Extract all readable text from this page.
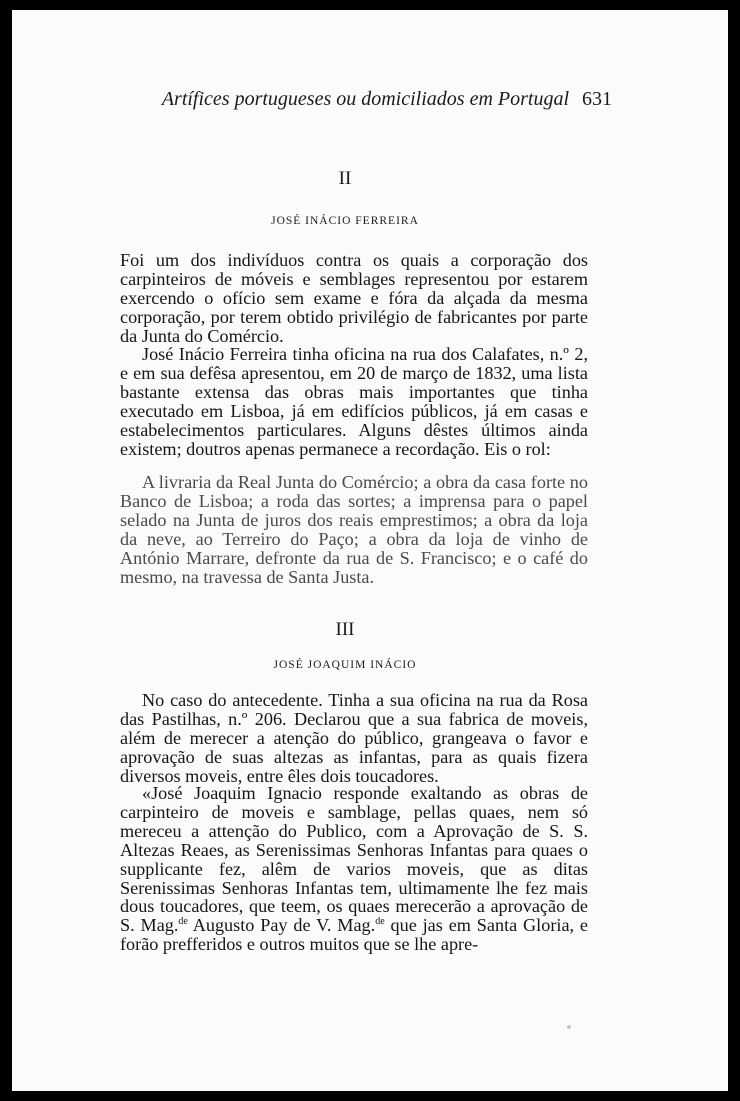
Artífices portugueses ou domiciliados em Portugal 631
II
JOSÉ INÁCIO FERREIRA

Foi um dos indivíduos contra os quais a corporação dos carpinteiros de móveis e semblages representou por estarem exercendo o ofício sem exame e fóra da alçada da mesma corporação, por terem obtido privilégio de fabricantes por parte da Junta do Comércio.

José Inácio Ferreira tinha oficina na rua dos Calafates, n.º 2, e em sua defêsa apresentou, em 20 de março de 1832, uma lista bastante extensa das obras mais importantes que tinha executado em Lisboa, já em edifícios públicos, já em casas e estabelecimentos particulares. Alguns dêstes últimos ainda existem; doutros apenas permanece a recordação. Eis o rol:

A livraria da Real Junta do Comércio; a obra da casa forte no Banco de Lisboa; a roda das sortes; a imprensa para o papel selado na Junta de juros dos reais emprestimos; a obra da loja da neve, ao Terreiro do Paço; a obra da loja de vinho de António Marrare, defronte da rua de S. Francisco; e o café do mesmo, na travessa de Santa Justa.

III
JOSÉ JOAQUIM INÁCIO

No caso do antecedente. Tinha a sua oficina na rua da Rosa das Pastilhas, n.º 206. Declarou que a sua fabrica de moveis, além de merecer a atenção do público, grangeava o favor e aprovação de suas altezas as infantas, para as quais fizera diversos moveis, entre êles dois toucadores.

«José Joaquim Ignacio responde exaltando as obras de carpinteiro de moveis e samblage, pellas quaes, nem só mereceu a attenção do Publico, com a Aprovação de S. S. Altezas Reaes, as Serenissimas Senhoras Infantas para quaes o supplicante fez, alêm de varios moveis, que as ditas Serenissimas Senhoras Infantas tem, ultimamente lhe fez mais dous toucadores, que teem, os quaes merecerão a aprovação de S. Mag.$^{de}$ Augusto Pay de V. Mag.$^{de}$ que jas em Santa Gloria, e forão prefferidos e outros muitos que se lhe apre-
